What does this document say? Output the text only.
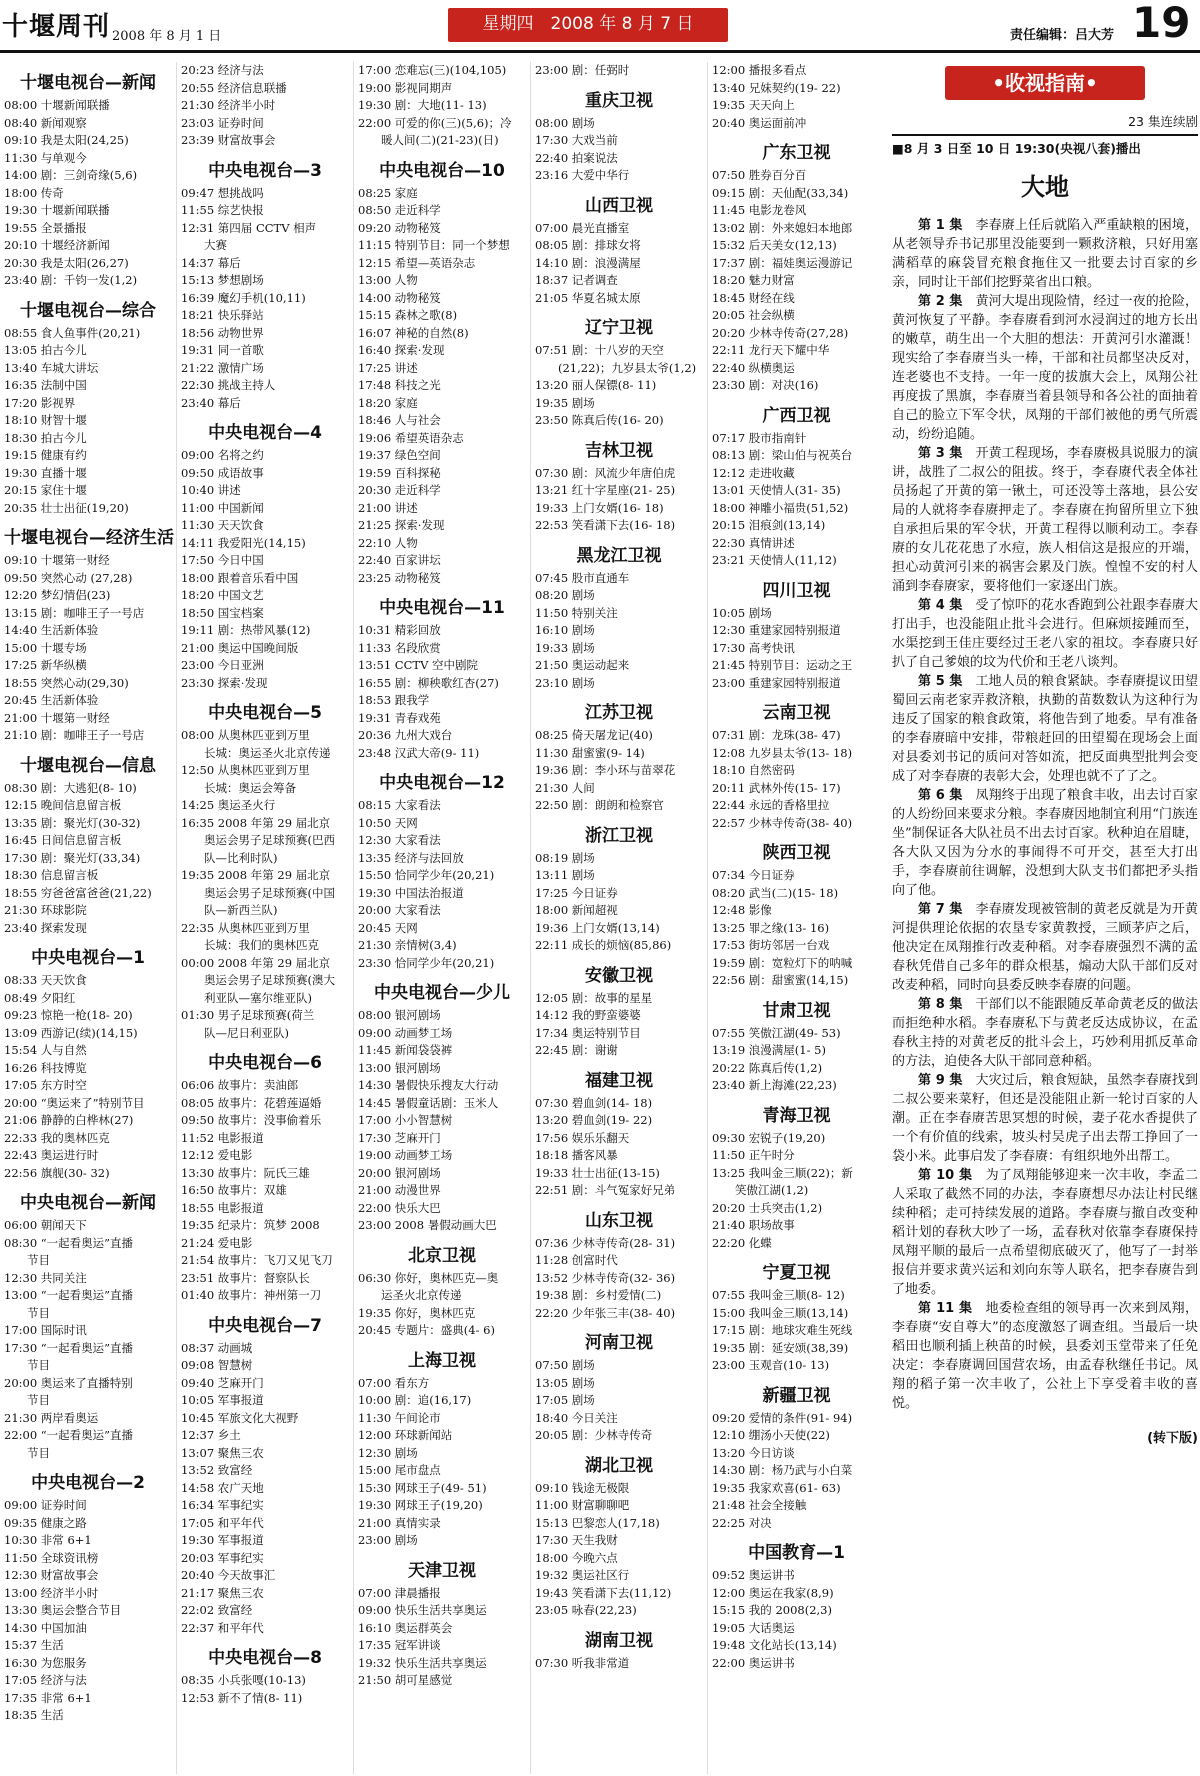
十堰周刊 2008 年 8 月 1 日
星期四　2008 年 8 月 7 日
责任编辑：吕大芳 19
十堰电视台—新闻
08:00 十堰新闻联播
08:40 新闻观察
09:10 我是太阳(24,25)
11:30 与单观今
14:00 剧：三剑奇缘(5,6)
18:00 传奇
19:30 十堰新闻联播
19:55 全景播报
20:10 十堰经济新闻
20:30 我是太阳(26,27)
23:40 剧：千钧一发(1,2)
十堰电视台—综合
08:55 食人鱼事件(20,21)
13:05 拍古今儿
13:40 车城大讲坛
16:35 法制中国
17:20 影视界
18:10 财智十堰
18:30 拍古今儿
19:15 健康有约
19:30 直播十堰
20:15 家住十堰
20:35 壮士出征(19,20)
十堰电视台—经济生活
09:10 十堰第一财经
09:50 突然心动 (27,28)
12:20 梦幻情侣(23)
13:15 剧：咖啡王子一号店
14:40 生活新体验
15:00 十堰专场
17:25 新华纵横
18:55 突然心动(29,30)
20:45 生活新体验
21:00 十堰第一财经
21:10 剧：咖啡王子一号店
十堰电视台—信息
08:30 剧：大逃犯(8- 10)
12:15 晚间信息留言板
13:35 剧：聚光灯(30-32)
16:45 日间信息留言板
17:30 剧：聚光灯(33,34)
18:30 信息留言板
18:55 穷爸爸富爸爸(21,22)
21:30 环球影院
23:40 探索发现
中央电视台—1
08:33 天天饮食
08:49 夕阳红
09:23 惊艳一枪(18- 20)
13:09 西游记(续)(14,15)
15:54 人与自然
16:26 科技博览
17:05 东方时空
20:00 “奥运来了”特别节目
21:06 静静的白桦林(27)
22:33 我的奥林匹克
22:43 奥运进行时
22:56 旗舰(30- 32)
中央电视台—新闻
06:00 朝闻天下
08:30 “一起看奥运”直播
　　节目
12:30 共同关注
13:00 “一起看奥运”直播
　　节目
17:00 国际时讯
17:30 “一起看奥运”直播
　　节目
20:00 奥运来了直播特别
　　节目
21:30 两岸看奥运
22:00 “一起看奥运”直播
　　节目
中央电视台—2
09:00 证券时间
09:35 健康之路
10:30 非常 6+1
11:50 全球资讯榜
12:30 财富故事会
13:00 经济半小时
13:30 奥运会整合节目
14:30 中国加油
15:37 生活
16:30 为您服务
17:05 经济与法
17:35 非常 6+1
18:35 生活
20:23 经济与法
20:55 经济信息联播
21:30 经济半小时
23:03 证券时间
23:39 财富故事会
中央电视台—3
09:47 想挑战吗
11:55 综艺快报
12:31 第四届 CCTV 相声
　　大赛
14:37 幕后
15:13 梦想剧场
16:39 魔幻手机(10,11)
18:21 快乐驿站
18:56 动物世界
19:31 同一首歌
21:22 激情广场
22:30 挑战主持人
23:40 幕后
中央电视台—4
09:00 名将之约
09:50 成语故事
10:40 讲述
11:00 中国新闻
11:30 天天饮食
14:11 我爱阳光(14,15)
17:50 今日中国
18:00 跟着音乐看中国
18:20 中国文艺
18:50 国宝档案
19:11 剧：热带风暴(12)
21:00 奥运中国晚间版
23:00 今日亚洲
23:30 探索·发现
中央电视台—5
08:00 从奥林匹亚到万里
　　长城：奥运圣火北京传递
12:50 从奥林匹亚到万里
　　长城：奥运会筹备
14:25 奥运圣火行
16:35 2008 年第 29 届北京
　　奥运会男子足球预赛(巴西
　　队—比利时队)
19:35 2008 年第 29 届北京
　　奥运会男子足球预赛(中国
　　队—新西兰队)
22:35 从奥林匹亚到万里
　　长城：我们的奥林匹克
00:00 2008 年第 29 届北京
　　奥运会男子足球预赛(澳大
　　利亚队—塞尔维亚队)
01:30 男子足球预赛(荷兰
　　队—尼日利亚队)
中央电视台—6
06:06 故事片：卖油郎
08:05 故事片：花碧莲逼婚
09:50 故事片：没事偷着乐
11:52 电影报道
12:12 爱电影
13:30 故事片：阮氏三雄
16:50 故事片：双雄
18:55 电影报道
19:35 纪录片：筑梦 2008
21:24 爱电影
21:54 故事片：飞刀又见飞刀
23:51 故事片：督察队长
01:40 故事片：神州第一刀
中央电视台—7
08:37 动画城
09:08 智慧树
09:40 芝麻开门
10:05 军事报道
10:45 军旅文化大视野
12:37 乡土
13:07 聚焦三农
13:52 致富经
14:58 农广天地
16:34 军事纪实
17:05 和平年代
19:30 军事报道
20:03 军事纪实
20:40 今天故事汇
21:17 聚焦三农
22:02 致富经
22:37 和平年代
中央电视台—8
08:35 小兵张嘎(10-13)
12:53 新不了情(8- 11)
17:00 恋难忘(三)(104,105)
19:00 影视同期声
19:30 剧：大地(11- 13)
22:00 可爱的你(三)(5,6)；冷
　　暖人间(二)(21-23)(日)
中央电视台—10
08:25 家庭
08:50 走近科学
09:20 动物秘笈
11:15 特别节目：同一个梦想
12:15 希望—英语杂志
13:00 人物
14:00 动物秘笈
15:15 森林之歌(8)
16:07 神秘的自然(8)
16:40 探索·发现
17:25 讲述
17:48 科技之光
18:20 家庭
18:46 人与社会
19:06 希望英语杂志
19:37 绿色空间
19:59 百科探秘
20:30 走近科学
21:00 讲述
21:25 探索·发现
22:10 人物
22:40 百家讲坛
23:25 动物秘笈
中央电视台—11
10:31 精彩回放
11:33 名段欣赏
13:51 CCTV 空中剧院
16:55 剧：柳秧歌红杏(27)
18:53 跟我学
19:31 青春戏苑
20:36 九州大戏台
23:48 汉武大帝(9- 11)
中央电视台—12
08:15 大家看法
10:50 天网
12:30 大家看法
13:35 经济与法回放
15:50 恰同学少年(20,21)
19:30 中国法治报道
20:00 大家看法
20:45 天网
21:30 亲情树(3,4)
23:30 恰同学少年(20,21)
中央电视台—少儿
08:00 银河剧场
09:00 动画梦工场
11:45 新闻袋袋裤
13:00 银河剧场
14:30 暑假快乐搜友大行动
14:45 暑假童话剧：玉米人
17:00 小小智慧树
17:30 芝麻开门
19:00 动画梦工场
20:00 银河剧场
21:00 动漫世界
22:00 快乐大巴
23:00 2008 暑假动画大巴
北京卫视
06:30 你好，奥林匹克—奥
　　运圣火北京传递
19:35 你好，奥林匹克
20:45 专题片：盛典(4- 6)
上海卫视
07:00 看东方
10:00 剧：追(16,17)
11:30 午间论市
12:00 环球新闻站
12:30 剧场
15:00 尾市盘点
15:30 网球王子(49- 51)
19:30 网球王子(19,20)
21:00 真情实录
23:00 剧场
天津卫视
07:00 津晨播报
09:00 快乐生活共享奥运
16:10 奥运群英会
17:35 冠军讲谈
19:32 快乐生活共享奥运
21:50 胡可星感觉
23:00 剧：任弼时
重庆卫视
08:00 剧场
17:30 大戏当前
22:40 拍案说法
23:16 大爱中华行
山西卫视
07:00 晨光直播室
08:05 剧：排球女将
14:10 剧：浪漫满屋
18:37 记者调查
21:05 华夏名城太原
辽宁卫视
07:51 剧：十八岁的天空
　　(21,22)；九岁县太爷(1,2)
13:20 丽人保镖(8- 11)
19:35 剧场
23:50 陈真后传(16- 20)
吉林卫视
07:30 剧：风流少年唐伯虎
13:21 红十字星座(21- 25)
19:33 上门女婿(16- 18)
22:53 笑看潇下去(16- 18)
黑龙江卫视
07:45 股市直通车
08:20 剧场
11:50 特别关注
16:10 剧场
19:33 剧场
21:50 奥运动起来
23:10 剧场
江苏卫视
08:25 倚天屠龙记(40)
11:30 甜蜜蜜(9- 14)
19:36 剧：李小环与苗翠花
21:30 人间
22:50 剧：朗朗和检察官
浙江卫视
08:19 剧场
13:11 剧场
17:25 今日证券
18:00 新闻超视
19:36 上门女婿(13,14)
22:11 成长的烦恼(85,86)
安徽卫视
12:05 剧：故事的星星
14:12 我的野蛮婆婆
17:34 奥运特别节目
22:45 剧：谢谢
福建卫视
07:30 碧血剑(14- 18)
13:20 碧血剑(19- 22)
17:56 娱乐乐翻天
18:18 播客风暴
19:33 壮士出征(13-15)
22:51 剧：斗气冤家好兄弟
山东卫视
07:36 少林寺传奇(28- 31)
11:28 创富时代
13:52 少林寺传奇(32- 36)
19:38 剧：乡村爱情(二)
22:20 少年张三丰(38- 40)
河南卫视
07:50 剧场
13:05 剧场
17:05 剧场
18:40 今日关注
20:05 剧：少林寺传奇
湖北卫视
09:10 钱途无极限
11:00 财富聊聊吧
15:13 巴黎恋人(17,18)
17:30 天生我财
18:00 今晚六点
19:32 奥运社区行
19:43 笑看潇下去(11,12)
23:05 咏春(22,23)
湖南卫视
07:30 听我非常道
12:00 播报多看点
13:40 兄妹契约(19- 22)
19:35 天天向上
20:40 奥运面前冲
广东卫视
07:50 胜券百分百
09:15 剧：天仙配(33,34)
11:45 电影龙卷风
13:02 剧：外来媳妇本地郎
15:32 后天美女(12,13)
17:37 剧：福娃奥运漫游记
18:20 魅力财富
18:45 财经在线
20:05 社会纵横
20:20 少林寺传奇(27,28)
22:11 龙行天下耀中华
22:40 纵横奥运
23:30 剧：对决(16)
广西卫视
07:17 股市指南针
08:13 剧：梁山伯与祝英台
12:12 走进收藏
13:01 天使情人(31- 35)
18:00 神雕小福贵(51,52)
20:15 泪痕剑(13,14)
22:30 真情讲述
23:21 天使情人(11,12)
四川卫视
10:05 剧场
12:30 重建家园特别报道
17:30 高考快讯
21:45 特别节目：运动之王
23:00 重建家园特别报道
云南卫视
07:31 剧：龙珠(38- 47)
12:08 九岁县太爷(13- 18)
18:10 自然密码
20:11 武林外传(15- 17)
22:44 永远的香格里拉
22:57 少林寺传奇(38- 40)
陕西卫视
07:34 今日证券
08:20 武当(二)(15- 18)
12:48 影像
13:25 罪之缘(13- 16)
17:53 街坊邻居一台戏
19:59 剧：宽粒灯下的呐喊
22:56 剧：甜蜜蜜(14,15)
甘肃卫视
07:55 笑傲江湖(49- 53)
13:19 浪漫满屋(1- 5)
20:22 陈真后传(1,2)
23:40 新上海滩(22,23)
青海卫视
09:30 宏锐子(19,20)
11:50 正午时分
13:25 我叫金三顺(22)；新
　　笑傲江湖(1,2)
20:20 士兵突击(1,2)
21:40 职场故事
22:20 化蝶
宁夏卫视
07:55 我叫金三顺(8- 12)
15:00 我叫金三顺(13,14)
17:15 剧：地球灾难生死线
19:35 剧：延安颂(38,39)
23:00 玉观音(10- 13)
新疆卫视
09:20 爱情的条件(91- 94)
12:10 绷汤小天使(22)
13:20 今日访谈
14:30 剧：杨乃武与小白菜
19:35 我家欢喜(61- 63)
21:48 社会全接触
22:25 对决
中国教育—1
09:52 奥运讲书
12:00 奥运在我家(8,9)
15:15 我的 2008(2,3)
19:05 大话奥运
19:48 文化站长(13,14)
22:00 奥运讲书
•收视指南•
23 集连续剧
■8 月 3 日至 10 日 19:30(央视八套)播出
大地

第 1 集　 李春赓上任后就陷入严重缺粮的困境，从老领导乔书记那里没能要到一颗救济粮，只好用塞满稻草的麻袋冒充粮食拖住又一批要去讨百家的乡亲，同时让干部们挖野菜省出口粮。

第 2 集　 黄河大堤出现险情，经过一夜的抢险，黄河恢复了平静。李春赓看到河水浸润过的地方长出的嫩草，萌生出一个大胆的想法：开黄河引水灌溉！现实给了李春赓当头一棒，干部和社员都坚决反对，连老婆也不支持。一年一度的拔旗大会上，凤翔公社再度拔了黑旗，李春赓当着县领导和各公社的面抽着自己的脸立下军令状，凤翔的干部们被他的勇气所震动，纷纷追随。

第 3 集　 开黄工程现场，李春赓极具说服力的演讲，战胜了二叔公的阻拔。终于，李春赓代表全体社员扬起了开黄的第一锹土，可还没等土落地，县公安局的人就将李春赓押走了。李春赓在拘留所里立下独自承担后果的军令状，开黄工程得以顺利动工。李春赓的女儿花花患了水痘，族人相信这是报应的开端，担心动黄河引来的祸害会累及门族。惶惶不安的村人涌到李春赓家，要将他们一家逐出门族。

第 4 集　 受了惊吓的花水香跑到公社跟李春赓大打出手，也没能阻止批斗会进行。但麻烦接踵而至，水渠挖到王佳庄要经过王老八家的祖坟。李春赓只好扒了自己爹娘的坟为代价和王老八谈判。

第 5 集　 工地人员的粮食紧缺。李春赓提议田望蜀回云南老家弄救济粮，执勤的苗数数认为这种行为违反了国家的粮食政策，将他告到了地委。早有准备的李春赓暗中安排，带粮赶回的田望蜀在现场会上面对县委刘书记的质问对答如流，把反面典型批判会变成了对李春赓的表彰大会，处理也就不了了之。

第 6 集　 凤翔终于出现了粮食丰收，出去讨百家的人纷纷回来要求分粮。李春赓因地制宜利用“门族连坐”制保证各大队社员不出去讨百家。秋种迫在眉睫，各大队又因为分水的事闹得不可开交，甚至大打出手，李春赓前往调解，没想到大队支书们都把矛头指向了他。

第 7 集　 李春赓发现被管制的黄老反就是为开黄河提供理论依据的农垦专家黄教授，三顾茅庐之后，他决定在凤翔推行改麦种稻。对李春赓强烈不满的孟春秋凭借自己多年的群众根基，煽动大队干部们反对改麦种稻，同时向县委反映李春赓的问题。

第 8 集　 干部们以不能跟随反革命黄老反的做法而拒绝种水稻。李春赓私下与黄老反达成协议，在孟春秋主持的对黄老反的批斗会上，巧妙利用抓反革命的方法，迫使各大队干部同意种稻。

第 9 集　 大灾过后，粮食短缺，虽然李春赓找到二叔公要来菜籽，但还是没能阻止新一轮讨百家的人潮。正在李春赓苦思冥想的时候，妻子花水香提供了一个有价值的线索，坡头村吴虎子出去帮工挣回了一袋小米。此事启发了李春赓：有组织地外出帮工。

第 10 集　 为了凤翔能够迎来一次丰收，李孟二人采取了截然不同的办法，李春赓想尽办法让村民继续种稻；走可持续发展的道路。李春赓与撤自改变种稻计划的春秋大吵了一场，孟春秋对依靠李春赓保持凤翔平顺的最后一点希望彻底破灭了，他写了一封举报信并要求黄兴运和刘向东等人联名，把李春赓告到了地委。

第 11 集　 地委检查组的领导再一次来到凤翔，李春赓“安自尊大”的态度激怒了调查组。当最后一块稻田也顺利插上秧苗的时候，县委刘玉堂带来了任免决定：李春赓调回国营农场，由孟春秋继任书记。凤翔的稻子第一次丰收了，公社上下享受着丰收的喜悦。

(转下版)
